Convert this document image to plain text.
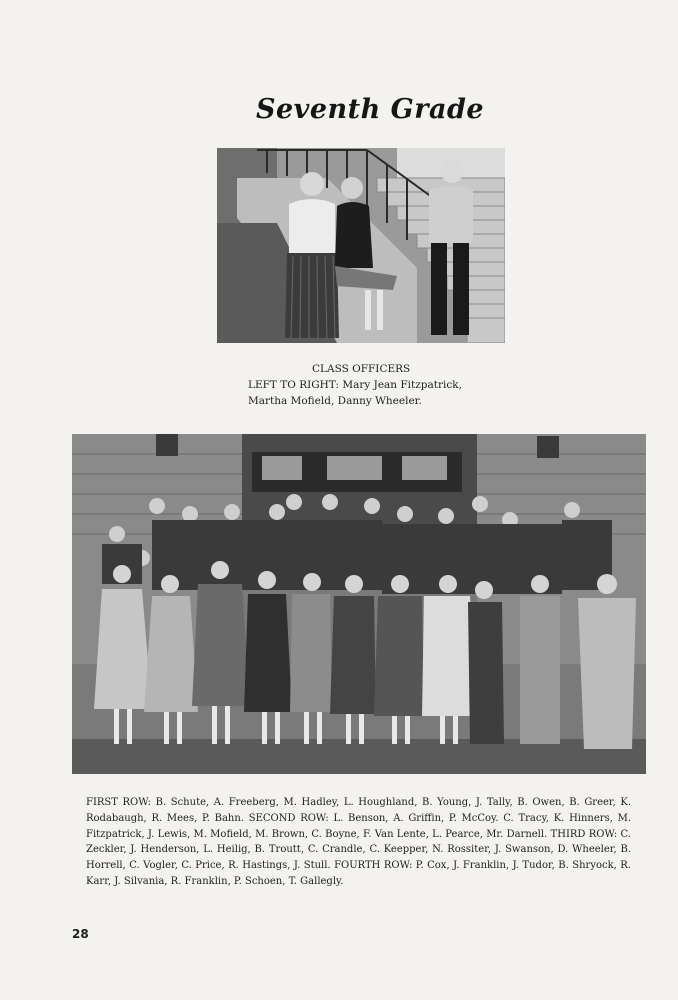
Seventh Grade
CLASS OFFICERS
LEFT TO RIGHT: Mary Jean Fitzpatrick,
Martha Mofield, Danny Wheeler.
FIRST ROW: B. Schute, A. Freeberg, M. Hadley, L. Houghland, B. Young, J. Tally, B. Owen, B. Greer, K. Rodabaugh, R. Mees, P. Bahn. SECOND ROW: L. Benson, A. Griffin, P. McCoy. C. Tracy, K. Hinners, M. Fitzpatrick, J. Lewis, M. Mofield, M. Brown, C. Boyne, F. Van Lente, L. Pearce, Mr. Darnell. THIRD ROW: C. Zeckler, J. Henderson, L. Heilig, B. Troutt, C. Crandle, C. Keepper, N. Rossiter, J. Swanson, D. Wheeler, B. Horrell, C. Vogler, C. Price, R. Hastings, J. Stull. FOURTH ROW: P. Cox, J. Franklin, J. Tudor, B. Shryock, R. Karr, J. Silvania, R. Franklin, P. Schoen, T. Gallegly.
28
